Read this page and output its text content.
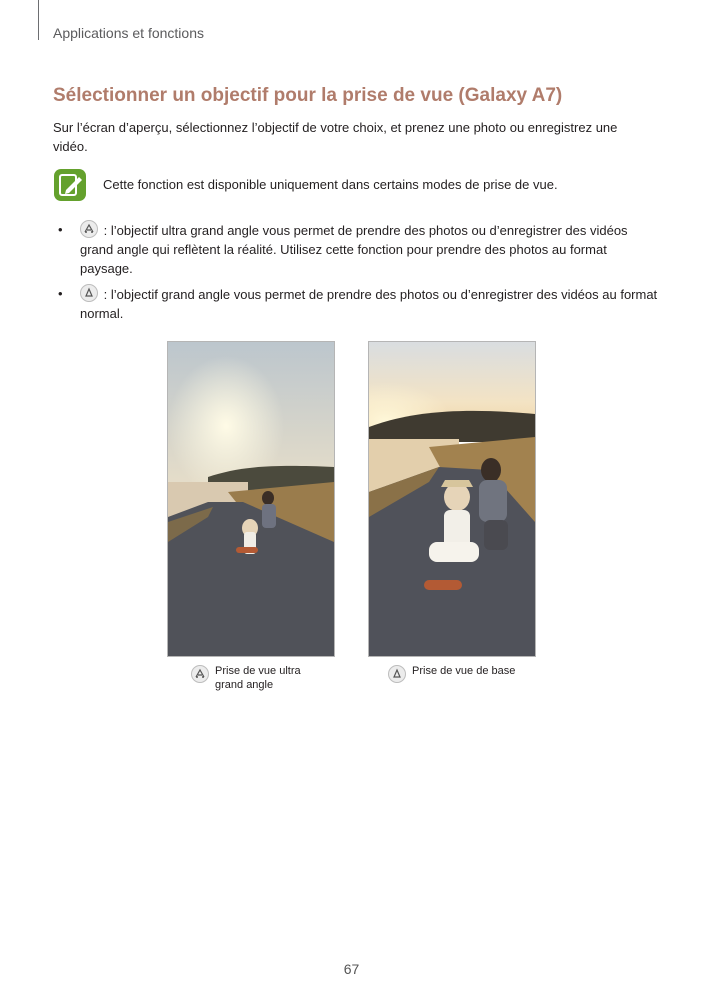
Applications et fonctions
Sélectionner un objectif pour la prise de vue (Galaxy A7)
Sur l’écran d’aperçu, sélectionnez l’objectif de votre choix, et prenez une photo ou enregistrez une vidéo.
Cette fonction est disponible uniquement dans certains modes de prise de vue.
•	: l’objectif ultra grand angle vous permet de prendre des photos ou d’enregistrer des vidéos grand angle qui reflètent la réalité. Utilisez cette fonction pour prendre des photos au format paysage.
•	: l’objectif grand angle vous permet de prendre des photos ou d’enregistrer des vidéos au format normal.
Prise de vue ultra grand angle
Prise de vue de base
67
